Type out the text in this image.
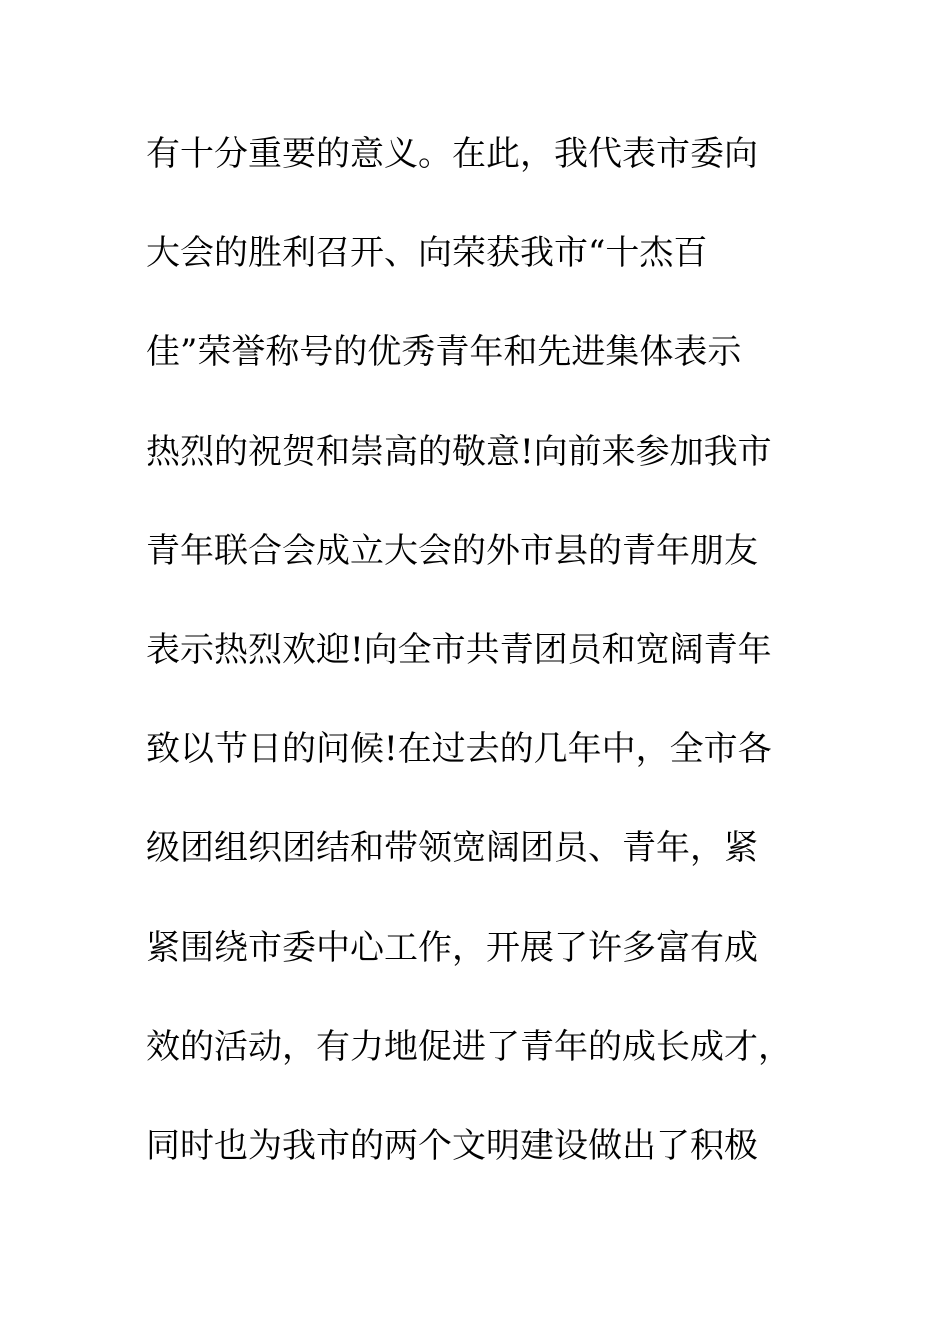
有十分重要的意义。在此，我代表市委向
大会的胜利召开、向荣获我市“十杰百
佳”荣誉称号的优秀青年和先进集体表示
热烈的祝贺和崇高的敬意!向前来参加我市
青年联合会成立大会的外市县的青年朋友
表示热烈欢迎!向全市共青团员和宽阔青年
致以节日的问候!在过去的几年中，全市各
级团组织团结和带领宽阔团员、青年，紧
紧围绕市委中心工作，开展了许多富有成
效的活动，有力地促进了青年的成长成才，
同时也为我市的两个文明建设做出了积极
